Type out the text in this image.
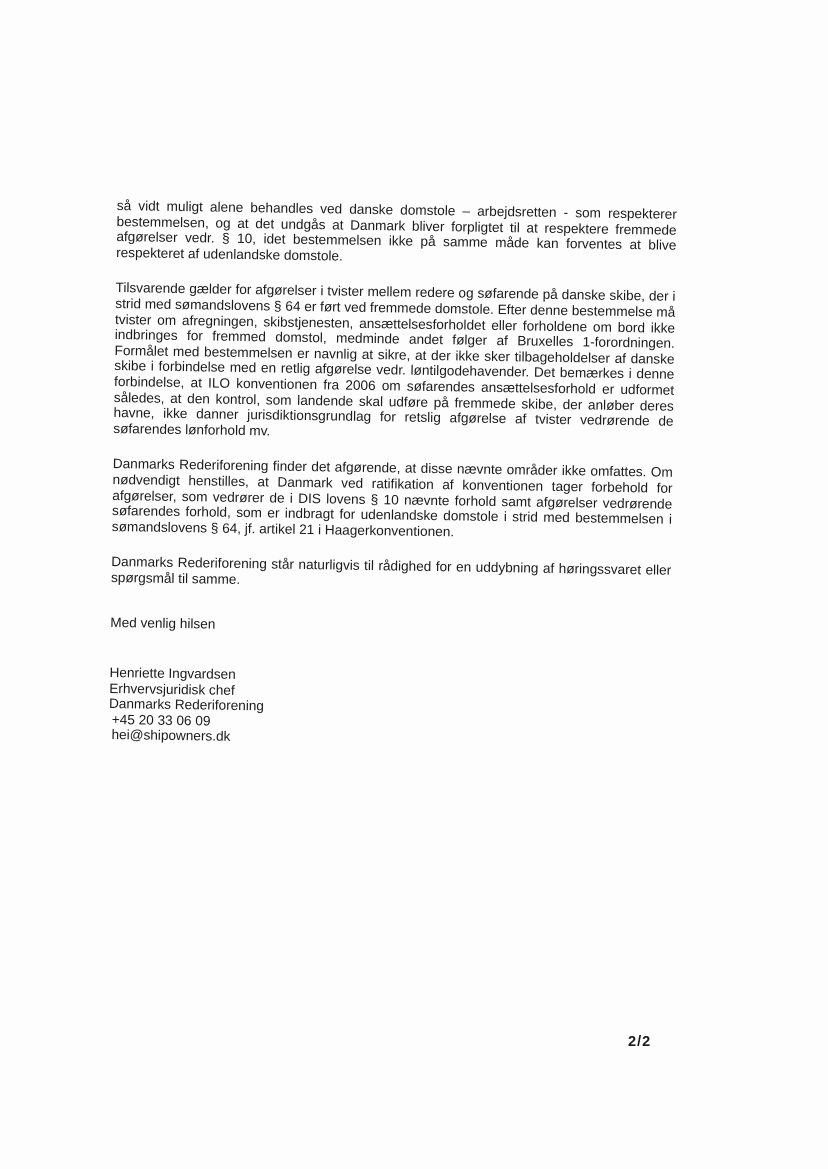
så vidt muligt alene behandles ved danske domstole – arbejdsretten - som respekterer bestemmelsen, og at det undgås at Danmark bliver forpligtet til at respektere fremmede afgørelser vedr. § 10, idet bestemmelsen ikke på samme måde kan forventes at blive respekteret af udenlandske domstole.

Tilsvarende gælder for afgørelser i tvister mellem redere og søfarende på danske skibe, der i strid med sømandslovens § 64 er ført ved fremmede domstole. Efter denne bestemmelse må tvister om afregningen, skibstjenesten, ansættelsesforholdet eller forholdene om bord ikke indbringes for fremmed domstol, medminde andet følger af Bruxelles 1-forordningen. Formålet med bestemmelsen er navnlig at sikre, at der ikke sker tilbageholdelser af danske skibe i forbindelse med en retlig afgørelse vedr. løntilgodehavender. Det bemærkes i denne forbindelse, at ILO konventionen fra 2006 om søfarendes ansættelsesforhold er udformet således, at den kontrol, som landende skal udføre på fremmede skibe, der anløber deres havne, ikke danner jurisdiktionsgrundlag for retslig afgørelse af tvister vedrørende de søfarendes lønforhold mv.

Danmarks Rederiforening finder det afgørende, at disse nævnte områder ikke omfattes. Om nødvendigt henstilles, at Danmark ved ratifikation af konventionen tager forbehold for afgørelser, som vedrører de i DIS lovens § 10 nævnte forhold samt afgørelser vedrørende søfarendes forhold, som er indbragt for udenlandske domstole i strid med bestemmelsen i sømandslovens § 64, jf. artikel 21 i Haagerkonventionen.

Danmarks Rederiforening står naturligvis til rådighed for en uddybning af høringssvaret eller spørgsmål til samme.

Med venlig hilsen

Henriette Ingvardsen
Erhvervsjuridisk chef
Danmarks Rederiforening
+45 20 33 06 09
hei@shipowners.dk
2/2
